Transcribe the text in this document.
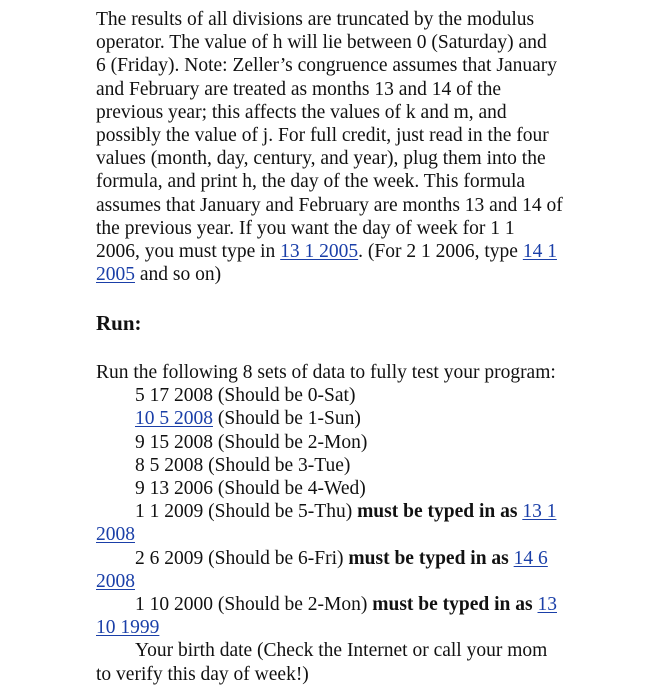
The results of all divisions are truncated by the modulus
operator. The value of h will lie between 0 (Saturday) and
6 (Friday). Note: Zeller’s congruence assumes that January
and February are treated as months 13 and 14 of the
previous year; this affects the values of k and m, and
possibly the value of j. For full credit, just read in the four
values (month, day, century, and year), plug them into the
formula, and print h, the day of the week. This formula
assumes that January and February are months 13 and 14 of
the previous year. If you want the day of week for 1 1
2006, you must type in 13 1 2005. (For 2 1 2006, type 14 1
2005 and so on)

Run:
Run the following 8 sets of data to fully test your program:
5 17 2008 (Should be 0-Sat)
10 5 2008 (Should be 1-Sun)
9 15 2008 (Should be 2-Mon)
8 5 2008 (Should be 3-Tue)
9 13 2006 (Should be 4-Wed)
1 1 2009 (Should be 5-Thu) must be typed in as 13 1
2008
2 6 2009 (Should be 6-Fri) must be typed in as 14 6
2008
1 10 2000 (Should be 2-Mon) must be typed in as 13
10 1999
Your birth date (Check the Internet or call your mom
to verify this day of week!)
